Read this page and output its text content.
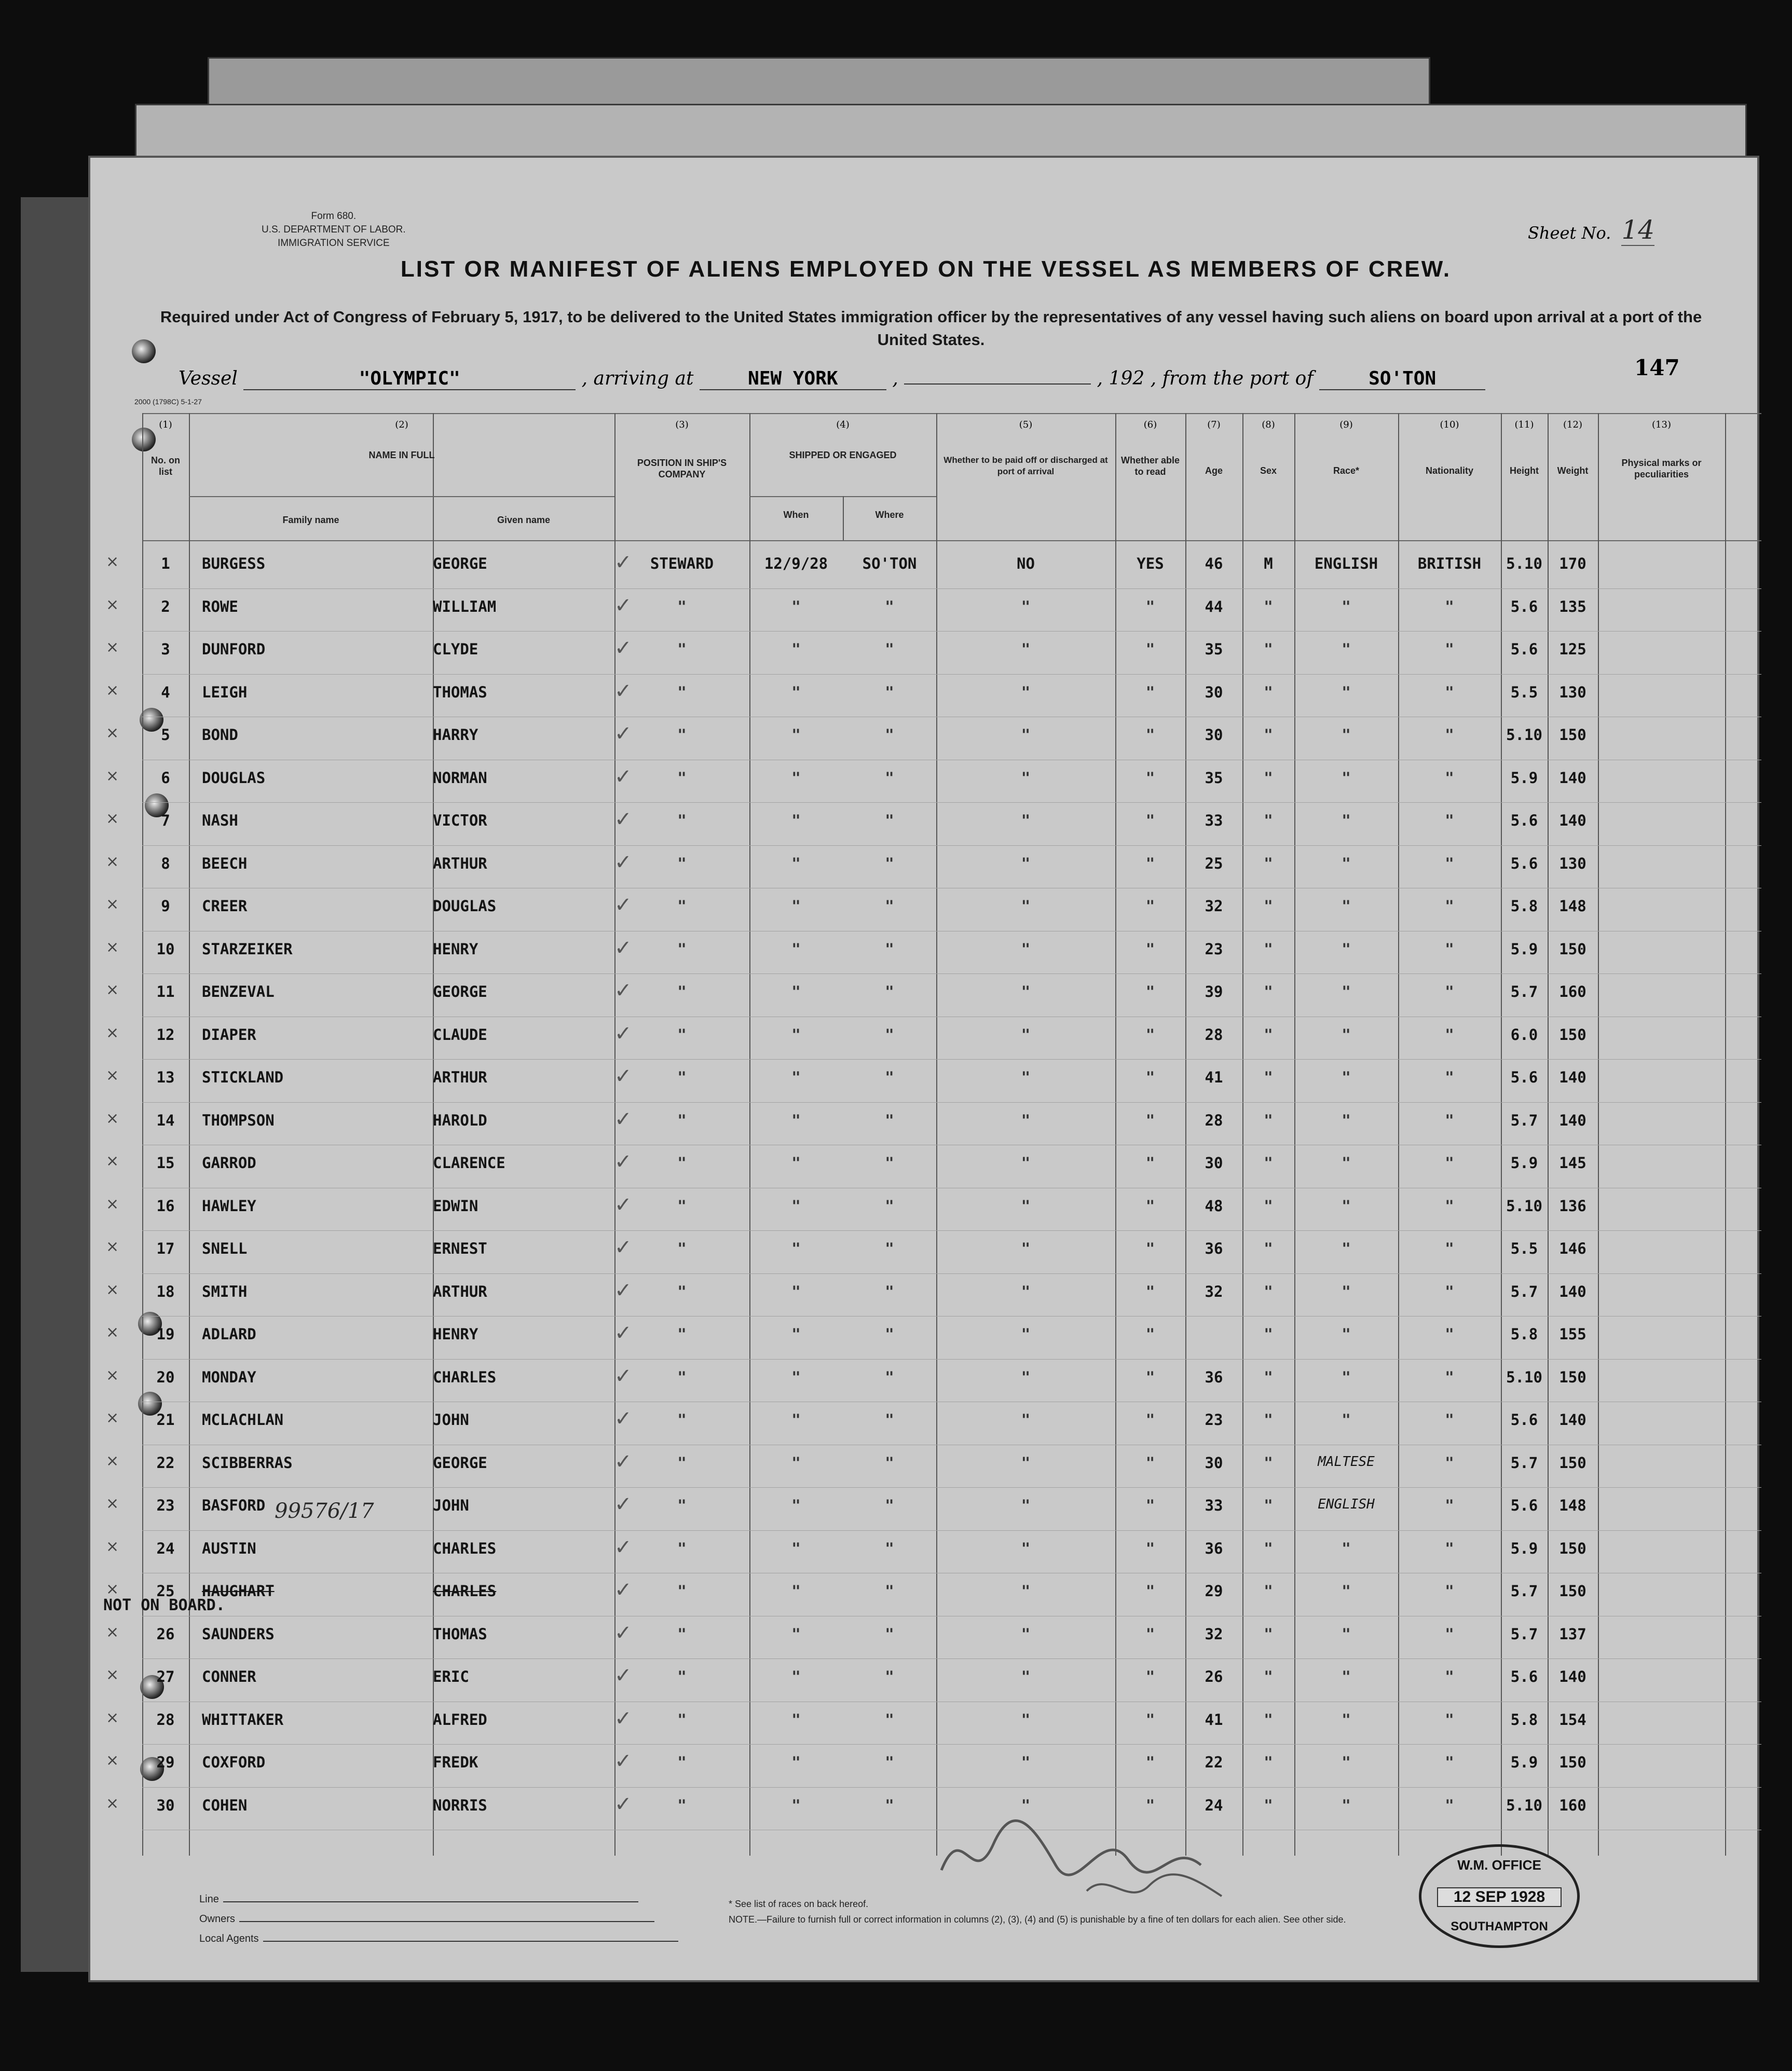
Form 680.
U.S. DEPARTMENT OF LABOR.
IMMIGRATION SERVICE
Sheet No. 14
LIST OR MANIFEST OF ALIENS EMPLOYED ON THE VESSEL AS MEMBERS OF CREW.
Required under Act of Congress of February 5, 1917, to be delivered to the United States immigration officer by the representatives of any vessel having such aliens on board upon arrival at a port of the United States.
Vessel	"OLYMPIC"	, arriving at	NEW YORK	,	, 192 , from the port of	SO'TON	147
2000 (1798C) 5-1-27
(1)	(2)	(3)	(4)	(5)	(6)	(7)	(8)	(9)	(10)	(11)	(12)	(13)
No. on list
NAME IN FULL
POSITION IN SHIP'S COMPANY
SHIPPED OR ENGAGED	Whether to be paid off or discharged at port of arrival
Whether able to read	Age	Sex	Race*	Nationality	Height	Weight
Physical marks or peculiarities
Family name	Given name	When	Where
×	✓
1	BURGESS	GEORGE	STEWARD	12/9/28	SO'TON	NO	YES	46	M	ENGLISH	BRITISH	5.10	170
×	✓
2	ROWE	WILLIAM	"	"	"	"	"	44	"	"	"	5.6	135
×	✓
3	DUNFORD	CLYDE	"	"	"	"	"	35	"	"	"	5.6	125
×	✓
4	LEIGH	THOMAS	"	"	"	"	"	30	"	"	"	5.5	130
×	✓
5	BOND	HARRY	"	"	"	"	"	30	"	"	"	5.10	150
×	✓
6	DOUGLAS	NORMAN	"	"	"	"	"	35	"	"	"	5.9	140
×	✓
7	NASH	VICTOR	"	"	"	"	"	33	"	"	"	5.6	140
×	✓
8	BEECH	ARTHUR	"	"	"	"	"	25	"	"	"	5.6	130
×	✓
9	CREER	DOUGLAS	"	"	"	"	"	32	"	"	"	5.8	148
×	✓
10	STARZEIKER	HENRY	"	"	"	"	"	23	"	"	"	5.9	150
×	✓
11	BENZEVAL	GEORGE	"	"	"	"	"	39	"	"	"	5.7	160
×	✓
12	DIAPER	CLAUDE	"	"	"	"	"	28	"	"	"	6.0	150
×	✓
13	STICKLAND	ARTHUR	"	"	"	"	"	41	"	"	"	5.6	140
×	✓
14	THOMPSON	HAROLD	"	"	"	"	"	28	"	"	"	5.7	140
×	✓
15	GARROD	CLARENCE	"	"	"	"	"	30	"	"	"	5.9	145
×	✓
16	HAWLEY	EDWIN	"	"	"	"	"	48	"	"	"	5.10	136
×	✓
17	SNELL	ERNEST	"	"	"	"	"	36	"	"	"	5.5	146
×	✓
18	SMITH	ARTHUR	"	"	"	"	"	32	"	"	"	5.7	140
×	✓
19	ADLARD	HENRY	"	"	"	"	"	"	"	"	5.8	155
×	✓
20	MONDAY	CHARLES	"	"	"	"	"	36	"	"	"	5.10	150
×	✓
21	MCLACHLAN	JOHN	"	"	"	"	"	23	"	"	"	5.6	140
×	✓
22	SCIBBERRAS	GEORGE	"	"	"	"	"	30	"	MALTESE	"	5.7	150
×	✓
23	BASFORD	JOHN	"	"	"	"	"	33	"	ENGLISH	"	5.6	148
×	✓
24	AUSTIN	CHARLES	"	"	"	"	"	36	"	"	"	5.9	150
×	✓
25	HAUGHART	CHARLES	"	"	"	"	"	29	"	"	"	5.7	150
×	✓
26	SAUNDERS	THOMAS	"	"	"	"	"	32	"	"	"	5.7	137
×	✓
27	CONNER	ERIC	"	"	"	"	"	26	"	"	"	5.6	140
×	✓
28	WHITTAKER	ALFRED	"	"	"	"	"	41	"	"	"	5.8	154
×	✓
29	COXFORD	FREDK	"	"	"	"	"	22	"	"	"	5.9	150
×	✓
30	COHEN	NORRIS	"	"	"	"	"	24	"	"	"	5.10	160
NOT ON BOARD.
99576/17
Line
Owners
Local Agents
* See list of races on back hereof.
NOTE.—Failure to furnish full or correct information in columns (2), (3), (4) and (5) is punishable by a fine of ten dollars for each alien. See other side.
W.M. OFFICE
12 SEP 1928
SOUTHAMPTON
